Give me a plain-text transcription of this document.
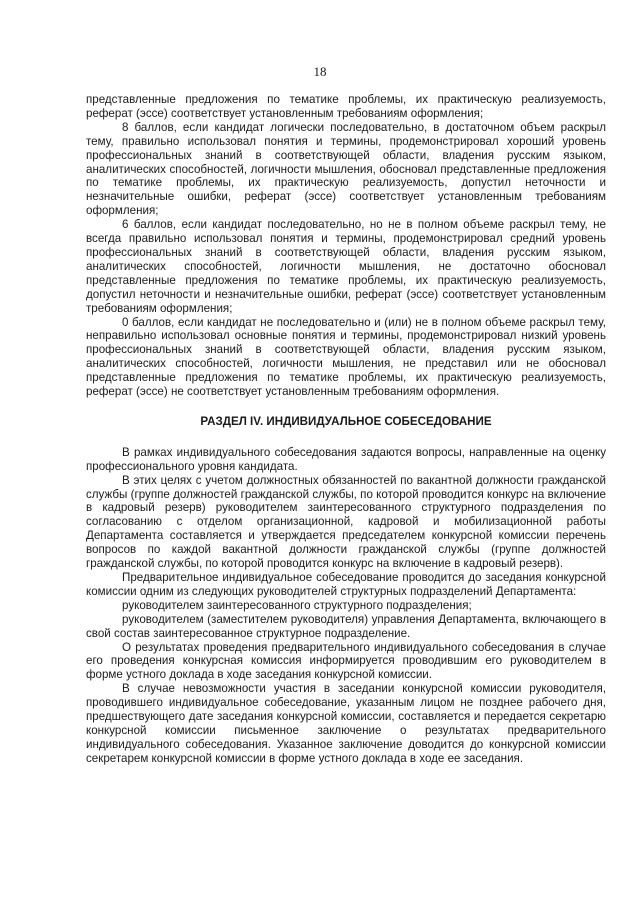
18

представленные предложения по тематике проблемы, их практическую реализуемость, реферат (эссе) соответствует установленным требованиям оформления;

8 баллов, если кандидат логически последовательно, в достаточном объем раскрыл тему, правильно использовал понятия и термины, продемонстрировал хороший уровень профессиональных знаний в соответствующей области, владения русским языком, аналитических способностей, логичности мышления, обосновал представленные предложения по тематике проблемы, их практическую реализуемость, допустил неточности и незначительные ошибки, реферат (эссе) соответствует установленным требованиям оформления;

6 баллов, если кандидат последовательно, но не в полном объеме раскрыл тему, не всегда правильно использовал понятия и термины, продемонстрировал средний уровень профессиональных знаний в соответствующей области, владения русским языком, аналитических способностей, логичности мышления, не достаточно обосновал представленные предложения по тематике проблемы, их практическую реализуемость, допустил неточности и незначительные ошибки, реферат (эссе) соответствует установленным требованиям оформления;

0 баллов, если кандидат не последовательно и (или) не в полном объеме раскрыл тему, неправильно использовал основные понятия и термины, продемонстрировал низкий уровень профессиональных знаний в соответствующей области, владения русским языком, аналитических способностей, логичности мышления, не представил или не обосновал представленные предложения по тематике проблемы, их практическую реализуемость, реферат (эссе) не соответствует установленным требованиям оформления.

РАЗДЕЛ IV. ИНДИВИДУАЛЬНОЕ СОБЕСЕДОВАНИЕ

В рамках индивидуального собеседования задаются вопросы, направленные на оценку профессионального уровня кандидата.

В этих целях с учетом должностных обязанностей по вакантной должности гражданской службы (группе должностей гражданской службы, по которой проводится конкурс на включение в кадровый резерв) руководителем заинтересованного структурного подразделения по согласованию с отделом организационной, кадровой и мобилизационной работы Департамента составляется и утверждается председателем конкурсной комиссии перечень вопросов по каждой вакантной должности гражданской службы (группе должностей гражданской службы, по которой проводится конкурс на включение в кадровый резерв).

Предварительное индивидуальное собеседование проводится до заседания конкурсной комиссии одним из следующих руководителей структурных подразделений Департамента:

руководителем заинтересованного структурного подразделения;

руководителем (заместителем руководителя) управления Департамента, включающего в свой состав заинтересованное структурное подразделение.

О результатах проведения предварительного индивидуального собеседования в случае его проведения конкурсная комиссия информируется проводившим его руководителем в форме устного доклада в ходе заседания конкурсной комиссии.

В случае невозможности участия в заседании конкурсной комиссии руководителя, проводившего индивидуальное собеседование, указанным лицом не позднее рабочего дня, предшествующего дате заседания конкурсной комиссии, составляется и передается секретарю конкурсной комиссии письменное заключение о результатах предварительного индивидуального собеседования. Указанное заключение доводится до конкурсной комиссии секретарем конкурсной комиссии в форме устного доклада в ходе ее заседания.
